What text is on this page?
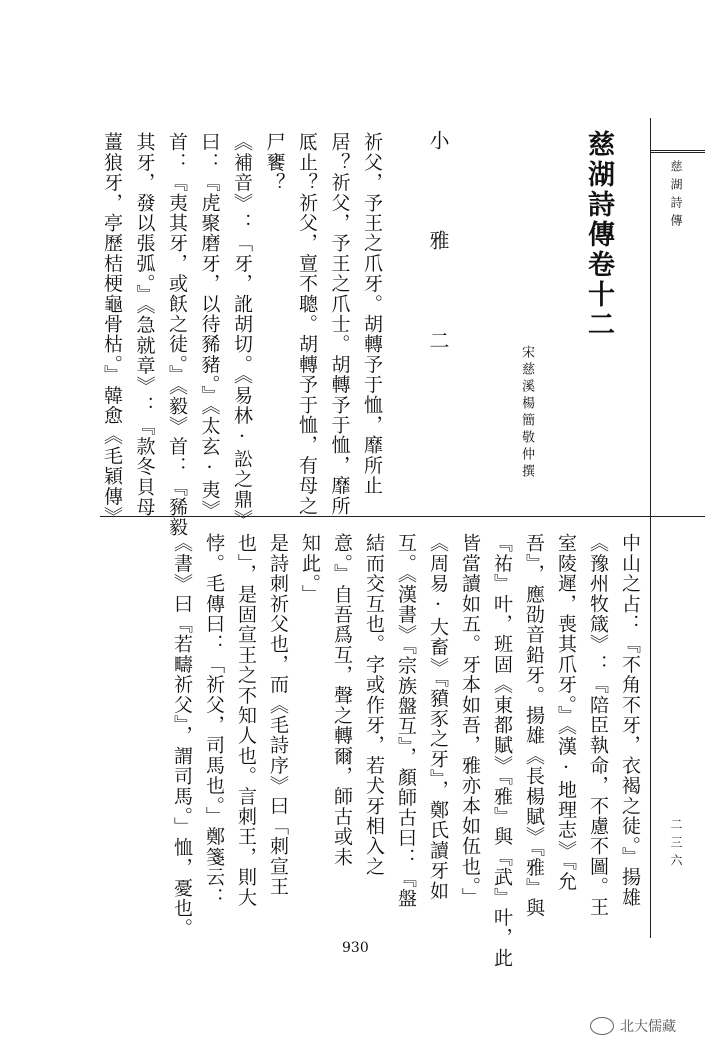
慈湖詩傳
二三六
慈湖詩傳卷十二
宋慈溪楊簡敬仲撰
小 雅 二
祈父，予王之爪牙。胡轉予于恤，靡所止
居？祈父，予王之爪士。胡轉予于恤，靡所
厎止？祈父，亶不聰。胡轉予于恤，有母之
尸饔？
《補音》：「牙，訛胡切。《易林·訟之鼎》
曰：『虎聚磨牙，以待豨豬。』《太玄·夷》
首：『夷其牙，或飫之徒。』《毅》首：『豨毅
其牙，發以張弧。』《急就章》：『款冬貝母
薑狼牙，亭歷桔梗龜骨枯。』韓愈《毛穎傳》
中山之占：『不角不牙，衣褐之徒。』揚雄
《豫州牧箴》：『陪臣執命，不慮不圖。王
室陵遲，喪其爪牙。』《漢·地理志》『允
吾』，應劭音鉛牙。揚雄《長楊賦》『雅』與
『祐』叶，班固《東都賦》『雅』與『武』叶，此
皆當讀如五。牙本如吾，雅亦本如伍也。」
《周易·大畜》『豶豕之牙』，鄭氏讀牙如
互。《漢書》『宗族盤互』，顏師古曰：『盤
結而交互也。字或作牙，若犬牙相入之
意。』自吾爲互，聲之轉爾，師古或未
知此。」
是詩刺祈父也，而《毛詩序》曰「刺宣王
也」，是固宣王之不知人也。言刺王，則大
悖。毛傳曰：「祈父，司馬也。」鄭箋云：
《書》曰『若疇祈父』，謂司馬。」恤，憂也。
930
北大儒藏
